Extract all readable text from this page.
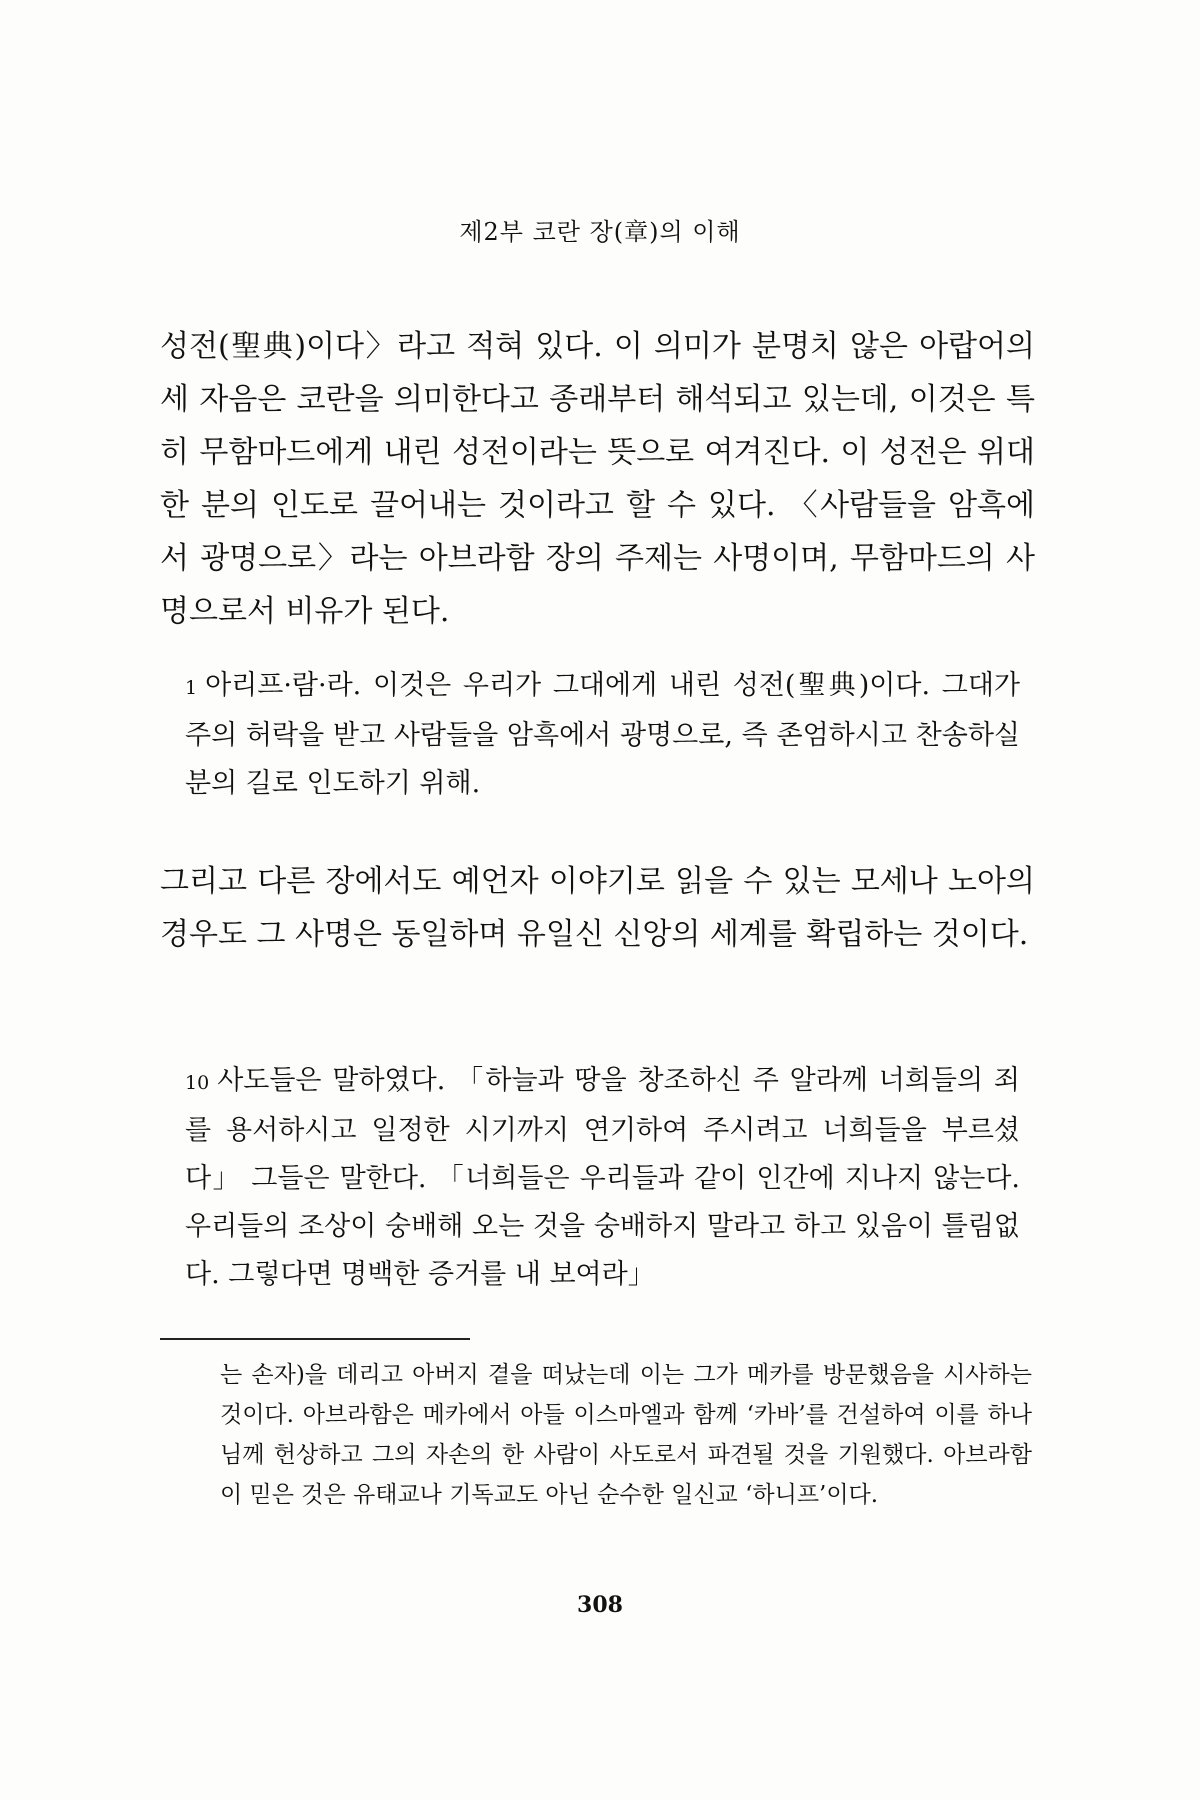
제2부 코란 장(章)의 이해

성전(聖典)이다〉라고 적혀 있다. 이 의미가 분명치 않은 아랍어의 세 자음은 코란을 의미한다고 종래부터 해석되고 있는데, 이것은 특히 무함마드에게 내린 성전이라는 뜻으로 여겨진다. 이 성전은 위대한 분의 인도로 끌어내는 것이라고 할 수 있다. 〈사람들을 암흑에서 광명으로〉라는 아브라함 장의 주제는 사명이며, 무함마드의 사명으로서 비유가 된다.

1 아리프·람·라. 이것은 우리가 그대에게 내린 성전(聖典)이다. 그대가 주의 허락을 받고 사람들을 암흑에서 광명으로, 즉 존엄하시고 찬송하실 분의 길로 인도하기 위해.

그리고 다른 장에서도 예언자 이야기로 읽을 수 있는 모세나 노아의 경우도 그 사명은 동일하며 유일신 신앙의 세계를 확립하는 것이다.

10 사도들은 말하였다. 「하늘과 땅을 창조하신 주 알라께 너희들의 죄를 용서하시고 일정한 시기까지 연기하여 주시려고 너희들을 부르셨다」 그들은 말한다. 「너희들은 우리들과 같이 인간에 지나지 않는다. 우리들의 조상이 숭배해 오는 것을 숭배하지 말라고 하고 있음이 틀림없다. 그렇다면 명백한 증거를 내 보여라」

는 손자)을 데리고 아버지 곁을 떠났는데 이는 그가 메카를 방문했음을 시사하는 것이다. 아브라함은 메카에서 아들 이스마엘과 함께 ‘카바’를 건설하여 이를 하나님께 헌상하고 그의 자손의 한 사람이 사도로서 파견될 것을 기원했다. 아브라함이 믿은 것은 유태교나 기독교도 아닌 순수한 일신교 ‘하니프’이다.

308
